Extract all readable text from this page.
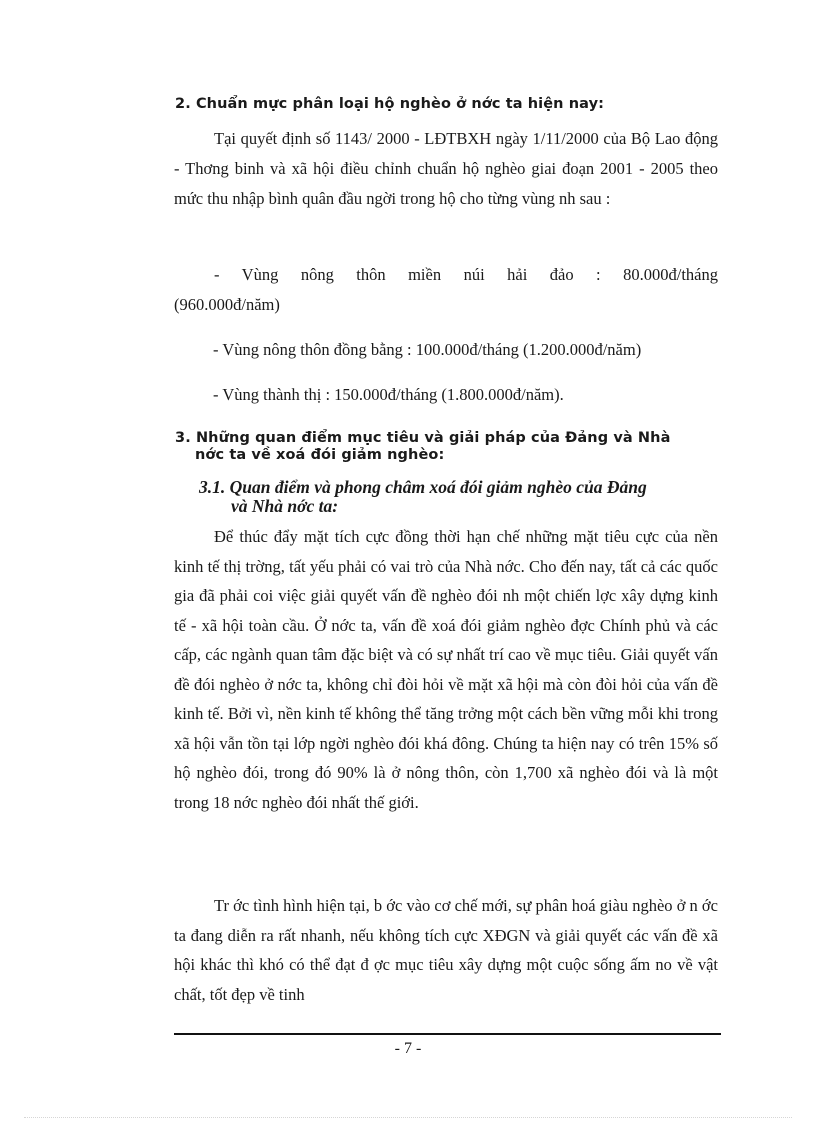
2. Chuẩn mực phân loại hộ nghèo ở nớc ta hiện nay:
Tại quyết định số 1143/ 2000 - LĐTBXH ngày 1/11/2000 của Bộ Lao động - Thơng binh và xã hội điều chỉnh chuẩn hộ nghèo giai đoạn 2001 - 2005 theo mức thu nhập bình quân đầu ngời trong hộ cho từng vùng nh sau :
- Vùng nông thôn miền núi hải đảo : 80.000đ/tháng (960.000đ/năm)
- Vùng nông thôn đồng bằng : 100.000đ/tháng (1.200.000đ/năm)
- Vùng thành thị : 150.000đ/tháng (1.800.000đ/năm).
3. Những quan điểm mục tiêu và giải pháp của Đảng và Nhà
nớc ta về xoá đói giảm nghèo:
3.1. Quan điểm và phong châm xoá đói giảm nghèo của Đảng
và Nhà nớc ta:
Để thúc đẩy mặt tích cực đồng thời hạn chế những mặt tiêu cực của nền kinh tế thị trờng, tất yếu phải có vai trò của Nhà nớc. Cho đến nay, tất cả các quốc gia đã phải coi việc giải quyết vấn đề nghèo đói nh một chiến lợc xây dựng kinh tế - xã hội toàn cầu. Ở nớc ta, vấn đề xoá đói giảm nghèo đợc Chính phủ và các cấp, các ngành quan tâm đặc biệt và có sự nhất trí cao về mục tiêu. Giải quyết vấn đề đói nghèo ở nớc ta, không chỉ đòi hỏi về mặt xã hội mà còn đòi hỏi của vấn đề kinh tế. Bởi vì, nền kinh tế không thể tăng trởng một cách bền vững mỗi khi trong xã hội vẫn tồn tại lớp ngời nghèo đói khá đông. Chúng ta hiện nay có trên 15% số hộ nghèo đói, trong đó 90% là ở nông thôn, còn 1,700 xã nghèo đói và là một trong 18 nớc nghèo đói nhất thế giới.
Tr ớc tình hình hiện tại, b ớc vào cơ chế mới, sự phân hoá giàu nghèo ở n ớc ta đang diễn ra rất nhanh, nếu không tích cực XĐGN và giải quyết các vấn đề xã hội khác thì khó có thể đạt đ ợc mục tiêu xây dựng một cuộc sống ấm no về vật chất, tốt đẹp về tinh
- 7 -
